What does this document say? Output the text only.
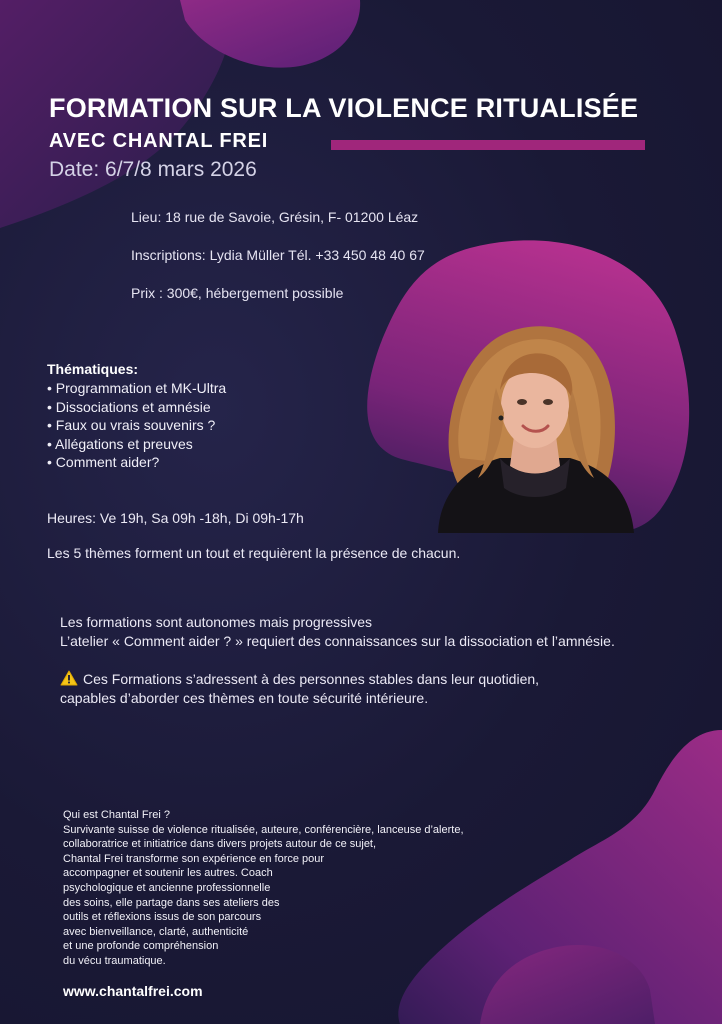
FORMATION SUR LA VIOLENCE RITUALISÉE
AVEC CHANTAL FREI
Date: 6/7/8 mars 2026
Lieu: 18 rue de Savoie, Grésin, F- 01200 Léaz
Inscriptions: Lydia Müller Tél. +33 450 48 40 67
Prix : 300€, hébergement possible
Thématiques:
• Programmation et MK-Ultra
• Dissociations et amnésie
• Faux ou vrais souvenirs ?
• Allégations et preuves
• Comment aider?
Heures: Ve 19h, Sa 09h -18h, Di 09h-17h
Les 5 thèmes forment un tout et requièrent la présence de chacun.
Les formations sont autonomes mais progressives
L’atelier « Comment aider ? » requiert des connaissances sur la dissociation et l’amnésie.
Ces Formations s’adressent à des personnes stables dans leur quotidien,
capables d’aborder ces thèmes en toute sécurité intérieure.
Qui est Chantal Frei ?
Survivante suisse de violence ritualisée, auteure, conférencière, lanceuse d’alerte,
collaboratrice et initiatrice dans divers projets autour de ce sujet,
Chantal Frei transforme son expérience en force pour
accompagner et soutenir les autres. Coach
psychologique et ancienne professionnelle
des soins, elle partage dans ses ateliers des
outils et réflexions issus de son parcours
avec bienveillance, clarté, authenticité
et une profonde compréhension
du vécu traumatique.
www.chantalfrei.com
